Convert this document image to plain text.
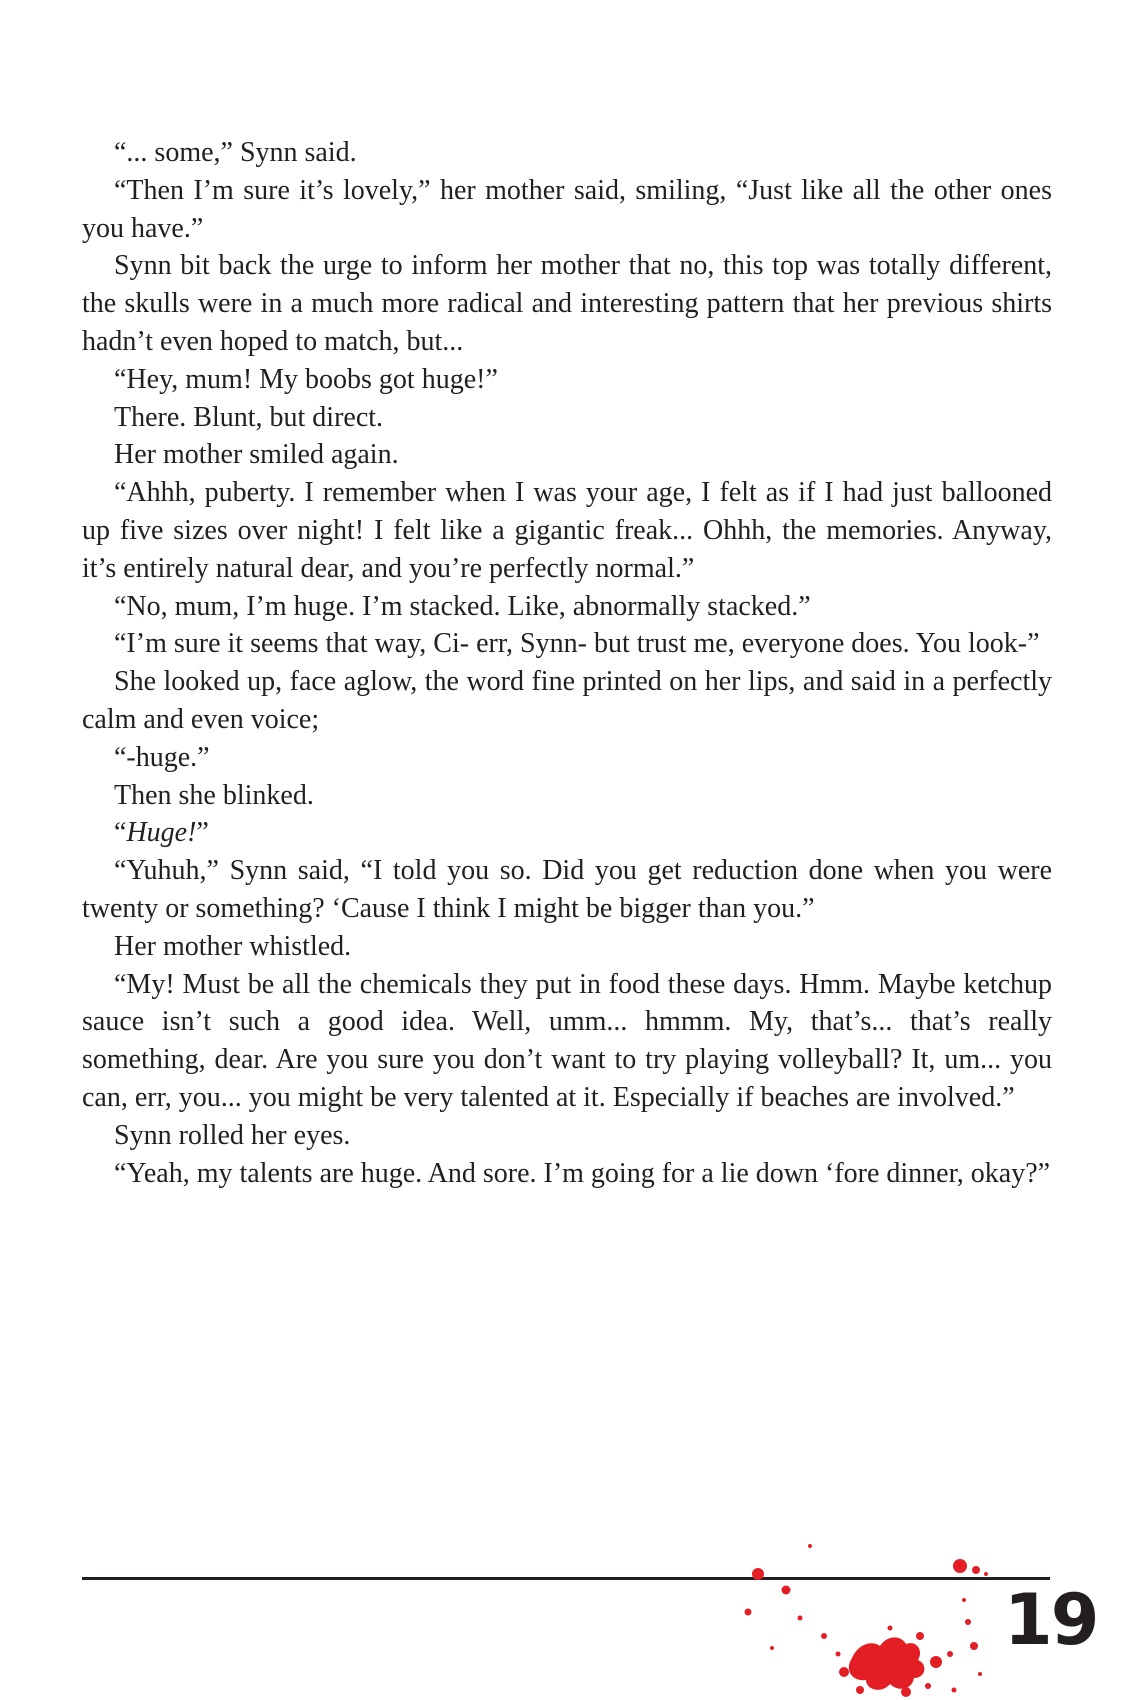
“... some,” Synn said.

“Then I’m sure it’s lovely,” her mother said, smiling, “Just like all the other ones you have.”

Synn bit back the urge to inform her mother that no, this top was totally different, the skulls were in a much more radical and interesting pattern that her previous shirts hadn’t even hoped to match, but...

“Hey, mum! My boobs got huge!”

There. Blunt, but direct.

Her mother smiled again.

“Ahhh, puberty. I remember when I was your age, I felt as if I had just ballooned up five sizes over night! I felt like a gigantic freak... Ohhh, the memories. Anyway, it’s entirely natural dear, and you’re perfectly normal.”

“No, mum, I’m huge. I’m stacked. Like, abnormally stacked.”

“I’m sure it seems that way, Ci- err, Synn- but trust me, everyone does. You look-”

She looked up, face aglow, the word fine printed on her lips, and said in a perfectly calm and even voice;

“-huge.”

Then she blinked.

“Huge!”

“Yuhuh,” Synn said, “I told you so. Did you get reduction done when you were twenty or something? ‘Cause I think I might be bigger than you.”

Her mother whistled.

“My! Must be all the chemicals they put in food these days. Hmm. Maybe ketchup sauce isn’t such a good idea. Well, umm... hmmm. My, that’s... that’s really something, dear. Are you sure you don’t want to try playing volleyball? It, um... you can, err, you... you might be very talented at it. Especially if beaches are involved.”

Synn rolled her eyes.

“Yeah, my talents are huge. And sore. I’m going for a lie down ‘fore dinner, okay?”

19
